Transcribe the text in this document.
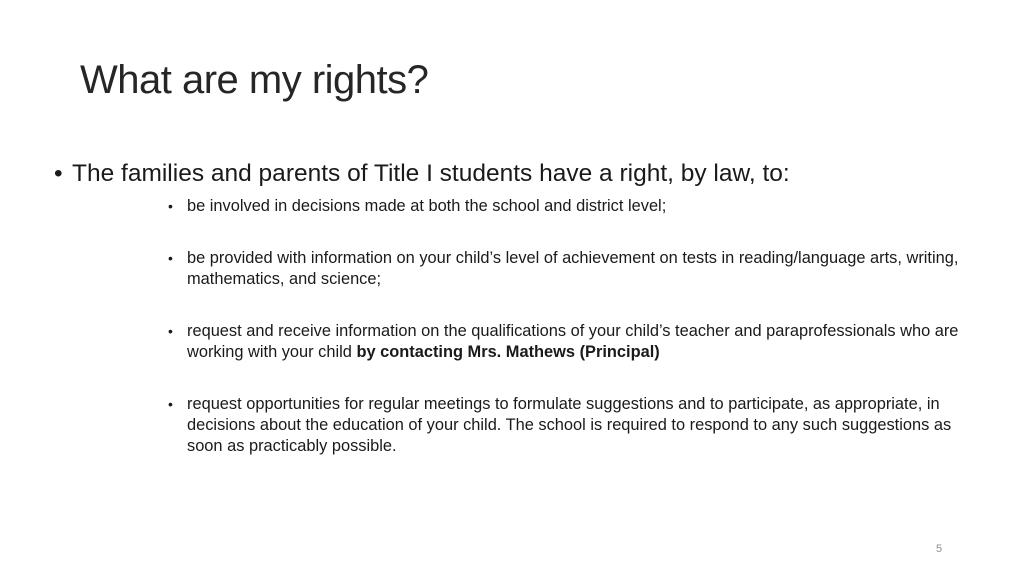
What are my rights?
• The families and parents of Title I students have a right, by law, to:
• be involved in decisions made at both the school and district level;
• be provided with information on your child’s level of achievement on tests in reading/language arts, writing, mathematics, and science;
• request and receive information on the qualifications of your child’s teacher and paraprofessionals who are working with your child by contacting Mrs. Mathews (Principal)
• request opportunities for regular meetings to formulate suggestions and to participate, as appropriate, in decisions about the education of your child. The school is required to respond to any such suggestions as soon as practicably possible.
5
